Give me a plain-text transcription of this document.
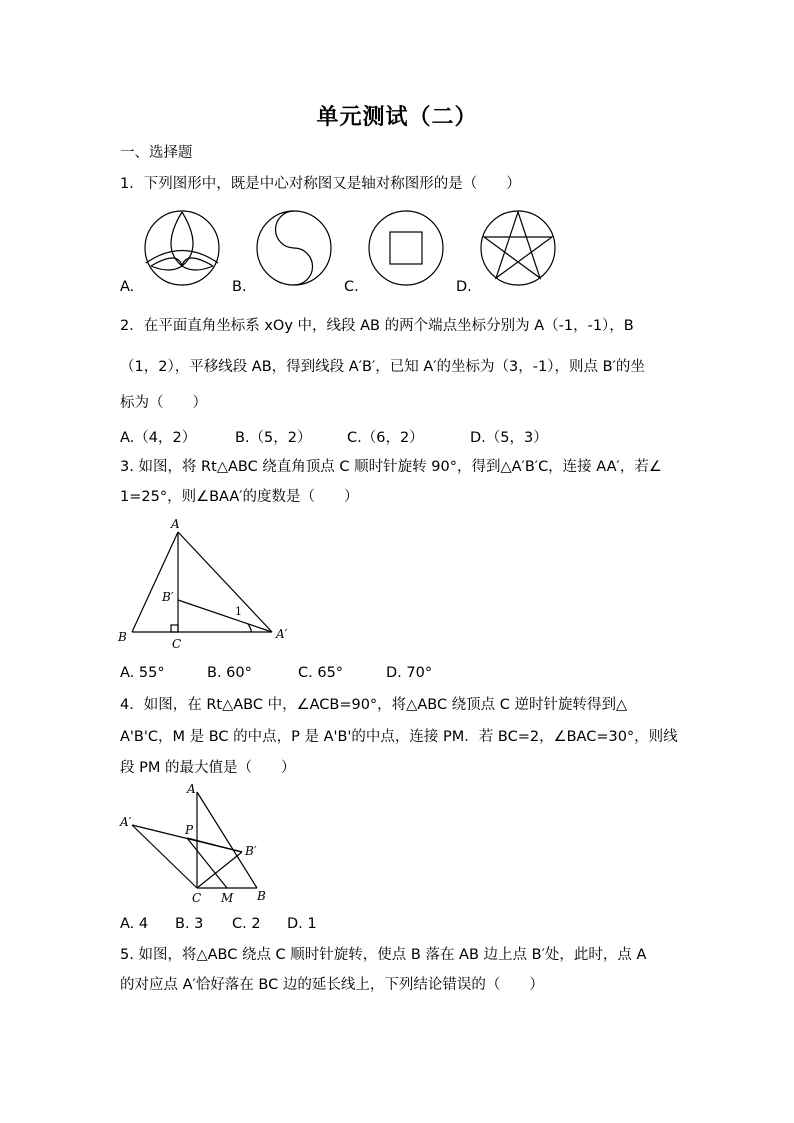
单元测试（二）
一、选择题
1．下列图形中，既是中心对称图又是轴对称图形的是（　　）
A.	B.	C.	D.
2．在平面直角坐标系 xOy 中，线段 AB 的两个端点坐标分别为 A（-1，-1），B
（1，2），平移线段 AB，得到线段 A′B′，已知 A′的坐标为（3，-1），则点 B′的坐
标为（　　）
A.（4，2）	B.（5，2） C.（6，2）	D.（5，3）
3. 如图，将 Rt△ABC 绕直角顶点 C 顺时针旋转 90°，得到△A′B′C，连接 AA′，若∠
1=25°，则∠BAA′的度数是（　　）
A
B	C
B′
A′
1
A. 55°	B. 60°	C. 65°	D. 70°
4．如图，在 Rt△ABC 中，∠ACB=90°，将△ABC 绕顶点 C 逆时针旋转得到△
A'B'C，M 是 BC 的中点，P 是 A'B'的中点，连接 PM．若 BC=2，∠BAC=30°，则线
段 PM 的最大值是（　　）
A
A′
P
B′
C M B
A. 4 B. 3 C. 2 D. 1
5. 如图，将△ABC 绕点 C 顺时针旋转，使点 B 落在 AB 边上点 B′处，此时，点 A
的对应点 A′恰好落在 BC 边的延长线上，下列结论错误的（　　）
